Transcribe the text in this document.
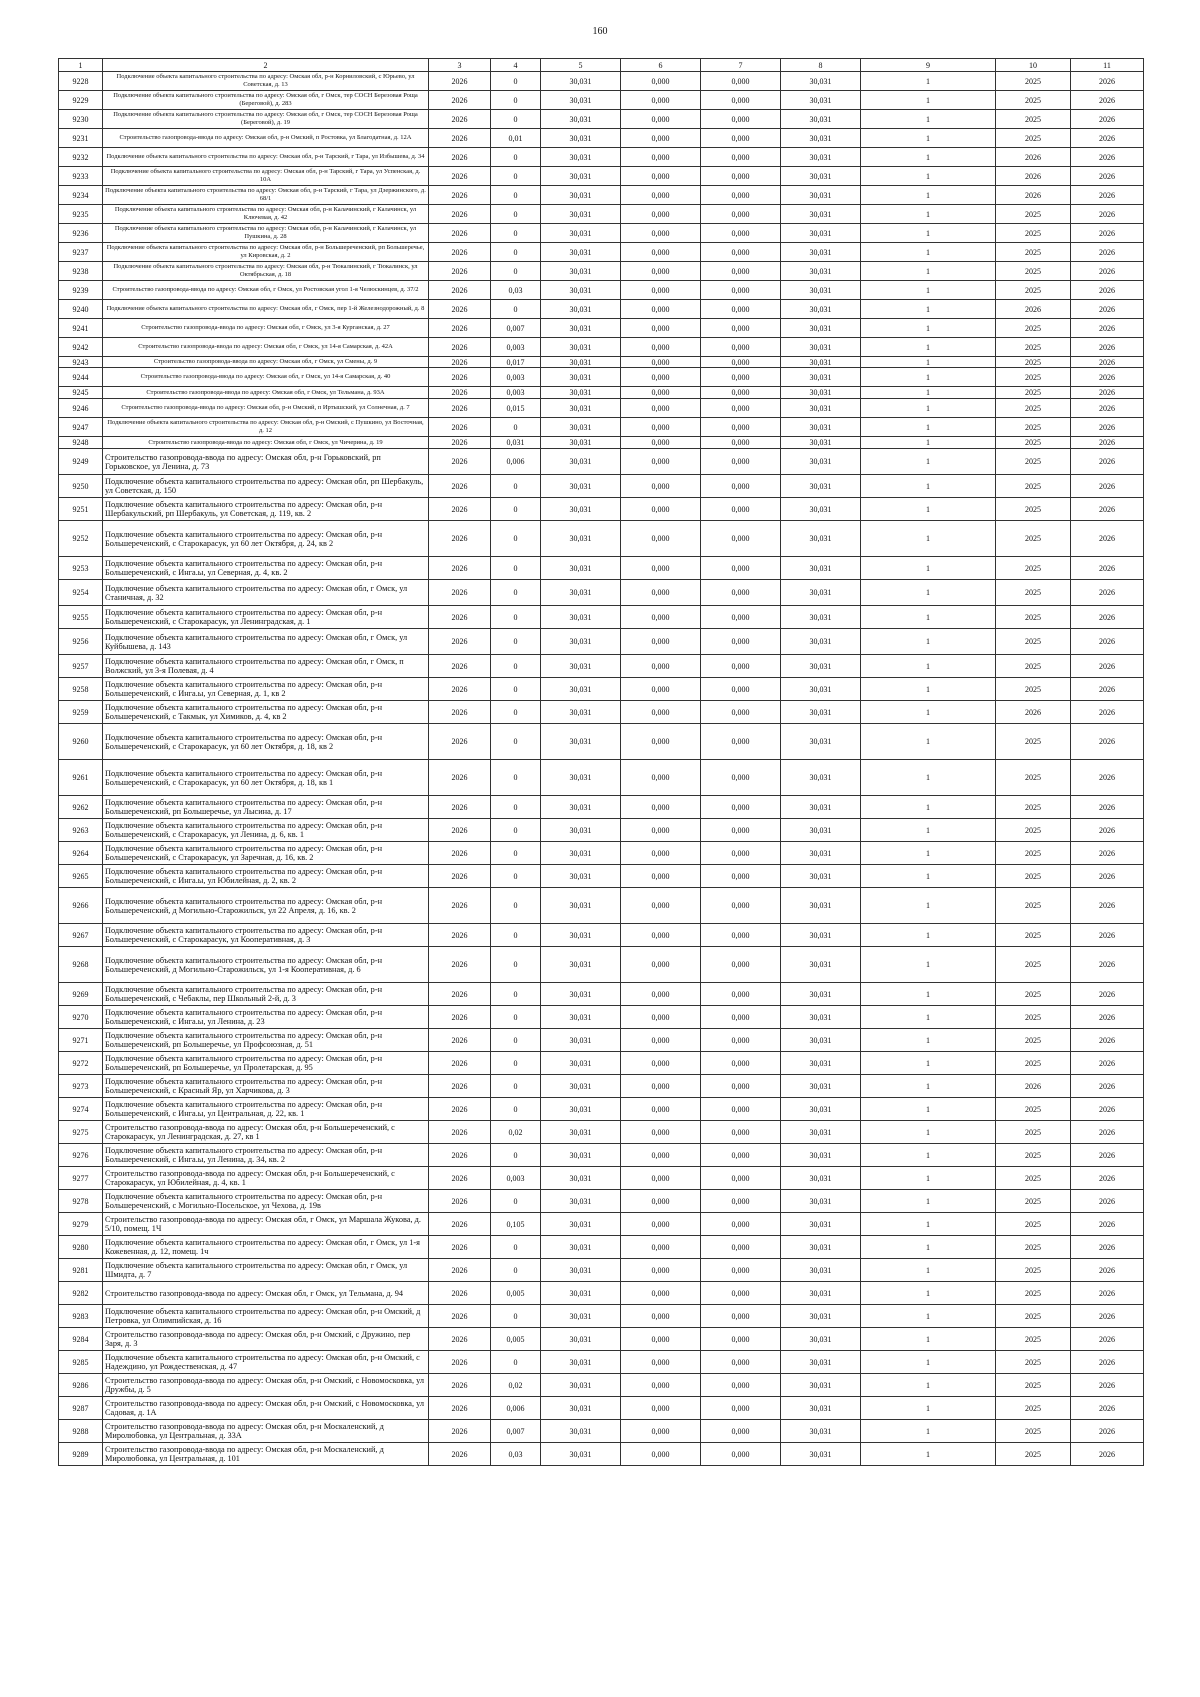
160
1	2	3	4	5	6	7	8	9	10	11
9228	Подключение объекта капитального строительства по адресу: Омская обл, р-н Корниловский, с Юрьево, ул Советская, д. 13	2026	0	30,031	0,000	0,000	30,031	1	2025	2026
9229	Подключение объекта капитального строительства по адресу: Омская обл, г Омск, тер СОСН Березовая Роща (Береговой), д. 283	2026	0	30,031	0,000	0,000	30,031	1	2025	2026
9230	Подключение объекта капитального строительства по адресу: Омская обл, г Омск, тер СОСН Березовая Роща (Береговой), д. 19	2026	0	30,031	0,000	0,000	30,031	1	2025	2026
9231	Строительство газопровода-ввода по адресу: Омская обл, р-н Омский, п Ростовка, ул Благодатная, д. 12А	2026	0,01	30,031	0,000	0,000	30,031	1	2025	2026
9232	Подключение объекта капитального строительства по адресу: Омская обл, р-н Тарский, г Тара, ул Избышева, д. 34	2026	0	30,031	0,000	0,000	30,031	1	2026	2026
9233	Подключение объекта капитального строительства по адресу: Омская обл, р-н Тарский, г Тара, ул Успенская, д. 10А	2026	0	30,031	0,000	0,000	30,031	1	2026	2026
9234	Подключение объекта капитального строительства по адресу: Омская обл, р-н Тарский, г Тара, ул Дзержинского, д. 68/1	2026	0	30,031	0,000	0,000	30,031	1	2026	2026
9235	Подключение объекта капитального строительства по адресу: Омская обл, р-н Калачинский, г Калачинск, ул Ключевая, д. 42	2026	0	30,031	0,000	0,000	30,031	1	2025	2026
9236	Подключение объекта капитального строительства по адресу: Омская обл, р-н Калачинский, г Калачинск, ул Пушкина, д. 28	2026	0	30,031	0,000	0,000	30,031	1	2025	2026
9237	Подключение объекта капитального строительства по адресу: Омская обл, р-н Большереченский, рп Большеречье, ул Кировская, д. 2	2026	0	30,031	0,000	0,000	30,031	1	2025	2026
9238	Подключение объекта капитального строительства по адресу: Омская обл, р-н Тюкалинский, г Тюкалинск, ул Октябрьская, д. 18	2026	0	30,031	0,000	0,000	30,031	1	2025	2026
9239	Строительство газопровода-ввода по адресу: Омская обл, г Омск, ул Ростовская угол 1-я Челюскинцев, д. 37/2	2026	0,03	30,031	0,000	0,000	30,031	1	2025	2026
9240	Подключение объекта капитального строительства по адресу: Омская обл, г Омск, пер 1-й Железнодорожный, д. 8	2026	0	30,031	0,000	0,000	30,031	1	2026	2026
9241	Строительство газопровода-ввода по адресу: Омская обл, г Омск, ул 3-я Курганская, д. 27	2026	0,007	30,031	0,000	0,000	30,031	1	2025	2026
9242	Строительство газопровода-ввода по адресу: Омская обл, г Омск, ул 14-я Самарская, д. 42А	2026	0,003	30,031	0,000	0,000	30,031	1	2025	2026
9243	Строительство газопровода-ввода по адресу: Омская обл, г Омск, ул Смены, д. 9	2026	0,017	30,031	0,000	0,000	30,031	1	2025	2026
9244	Строительство газопровода-ввода по адресу: Омская обл, г Омск, ул 14-я Самарская, д. 40	2026	0,003	30,031	0,000	0,000	30,031	1	2025	2026
9245	Строительство газопровода-ввода по адресу: Омская обл, г Омск, ул Тельмана, д. 93А	2026	0,003	30,031	0,000	0,000	30,031	1	2025	2026
9246	Строительство газопровода-ввода по адресу: Омская обл, р-н Омский, п Иртышский, ул Солнечная, д. 7	2026	0,015	30,031	0,000	0,000	30,031	1	2025	2026
9247	Подключение объекта капитального строительства по адресу: Омская обл, р-н Омский, с Пушкино, ул Восточная, д. 12	2026	0	30,031	0,000	0,000	30,031	1	2025	2026
9248	Строительство газопровода-ввода по адресу: Омская обл, г Омск, ул Чичерина, д. 19	2026	0,031	30,031	0,000	0,000	30,031	1	2025	2026
9249	Строительство газопровода-ввода по адресу: Омская обл, р-н Горьковский, рп Горьковское, ул Ленина, д. 73	2026	0,006	30,031	0,000	0,000	30,031	1	2025	2026
9250	Подключение объекта капитального строительства по адресу: Омская обл, рп Шербакуль, ул Советская, д. 150	2026	0	30,031	0,000	0,000	30,031	1	2025	2026
9251	Подключение объекта капитального строительства по адресу: Омская обл, р-н Шербакульский, рп Шербакуль, ул Советская, д. 119, кв. 2	2026	0	30,031	0,000	0,000	30,031	1	2025	2026
9252	Подключение объекта капитального строительства по адресу: Омская обл, р-н Большереченский, с Старокарасук, ул 60 лет Октября, д. 24, кв 2	2026	0	30,031	0,000	0,000	30,031	1	2025	2026
9253	Подключение объекта капитального строительства по адресу: Омская обл, р-н Большереченский, с Инга.ы, ул Северная, д. 4, кв. 2	2026	0	30,031	0,000	0,000	30,031	1	2025	2026
9254	Подключение объекта капитального строительства по адресу: Омская обл, г Омск, ул Станичная, д. 32	2026	0	30,031	0,000	0,000	30,031	1	2025	2026
9255	Подключение объекта капитального строительства по адресу: Омская обл, р-н Большереченский, с Старокарасук, ул Ленинградская, д. 1	2026	0	30,031	0,000	0,000	30,031	1	2025	2026
9256	Подключение объекта капитального строительства по адресу: Омская обл, г Омск, ул Куйбышева, д. 143	2026	0	30,031	0,000	0,000	30,031	1	2025	2026
9257	Подключение объекта капитального строительства по адресу: Омская обл, г Омск, п Волжский, ул 3-я Полевая, д. 4	2026	0	30,031	0,000	0,000	30,031	1	2025	2026
9258	Подключение объекта капитального строительства по адресу: Омская обл, р-н Большереченский, с Инга.ы, ул Северная, д. 1, кв 2	2026	0	30,031	0,000	0,000	30,031	1	2025	2026
9259	Подключение объекта капитального строительства по адресу: Омская обл, р-н Большереченский, с Такмык, ул Химиков, д. 4, кв 2	2026	0	30,031	0,000	0,000	30,031	1	2026	2026
9260	Подключение объекта капитального строительства по адресу: Омская обл, р-н Большереченский, с Старокарасук, ул 60 лет Октября, д. 18, кв 2	2026	0	30,031	0,000	0,000	30,031	1	2025	2026
9261	Подключение объекта капитального строительства по адресу: Омская обл, р-н Большереченский, с Старокарасук, ул 60 лет Октября, д. 18, кв 1	2026	0	30,031	0,000	0,000	30,031	1	2025	2026
9262	Подключение объекта капитального строительства по адресу: Омская обл, р-н Большереченский, рп Большеречье, ул Лысина, д. 17	2026	0	30,031	0,000	0,000	30,031	1	2025	2026
9263	Подключение объекта капитального строительства по адресу: Омская обл, р-н Большереченский, с Старокарасук, ул Ленина, д. 6, кв. 1	2026	0	30,031	0,000	0,000	30,031	1	2025	2026
9264	Подключение объекта капитального строительства по адресу: Омская обл, р-н Большереченский, с Старокарасук, ул Заречная, д. 16, кв. 2	2026	0	30,031	0,000	0,000	30,031	1	2025	2026
9265	Подключение объекта капитального строительства по адресу: Омская обл, р-н Большереченский, с Инга.ы, ул Юбилейная, д. 2, кв. 2	2026	0	30,031	0,000	0,000	30,031	1	2025	2026
9266	Подключение объекта капитального строительства по адресу: Омская обл, р-н Большереченский, д Могильно-Старожильск, ул 22 Апреля, д. 16, кв. 2	2026	0	30,031	0,000	0,000	30,031	1	2025	2026
9267	Подключение объекта капитального строительства по адресу: Омская обл, р-н Большереченский, с Старокарасук, ул Кооперативная, д. 3	2026	0	30,031	0,000	0,000	30,031	1	2025	2026
9268	Подключение объекта капитального строительства по адресу: Омская обл, р-н Большереченский, д Могильно-Старожильск, ул 1-я Кооперативная, д. 6	2026	0	30,031	0,000	0,000	30,031	1	2025	2026
9269	Подключение объекта капитального строительства по адресу: Омская обл, р-н Большереченский, с Чебаклы, пер Школьный 2-й, д. 3	2026	0	30,031	0,000	0,000	30,031	1	2025	2026
9270	Подключение объекта капитального строительства по адресу: Омская обл, р-н Большереченский, с Инга.ы, ул Ленина, д. 23	2026	0	30,031	0,000	0,000	30,031	1	2025	2026
9271	Подключение объекта капитального строительства по адресу: Омская обл, р-н Большереченский, рп Большеречье, ул Профсоюзная, д. 51	2026	0	30,031	0,000	0,000	30,031	1	2025	2026
9272	Подключение объекта капитального строительства по адресу: Омская обл, р-н Большереченский, рп Большеречье, ул Пролетарская, д. 95	2026	0	30,031	0,000	0,000	30,031	1	2025	2026
9273	Подключение объекта капитального строительства по адресу: Омская обл, р-н Большереченский, с Красный Яр, ул Харчикова, д. 3	2026	0	30,031	0,000	0,000	30,031	1	2026	2026
9274	Подключение объекта капитального строительства по адресу: Омская обл, р-н Большереченский, с Инга.ы, ул Центральная, д. 22, кв. 1	2026	0	30,031	0,000	0,000	30,031	1	2025	2026
9275	Строительство газопровода-ввода по адресу: Омская обл, р-н Большереченский, с Старокарасук, ул Ленинградская, д. 27, кв 1	2026	0,02	30,031	0,000	0,000	30,031	1	2025	2026
9276	Подключение объекта капитального строительства по адресу: Омская обл, р-н Большереченский, с Инга.ы, ул Ленина, д. 34, кв. 2	2026	0	30,031	0,000	0,000	30,031	1	2025	2026
9277	Строительство газопровода-ввода по адресу: Омская обл, р-н Большереченский, с Старокарасук, ул Юбилейная, д. 4, кв. 1	2026	0,003	30,031	0,000	0,000	30,031	1	2025	2026
9278	Подключение объекта капитального строительства по адресу: Омская обл, р-н Большереченский, с Могильно-Посельское, ул Чехова, д. 19в	2026	0	30,031	0,000	0,000	30,031	1	2025	2026
9279	Строительство газопровода-ввода по адресу: Омская обл, г Омск, ул Маршала Жукова, д. 5/10, помещ. 1Ч	2026	0,105	30,031	0,000	0,000	30,031	1	2025	2026
9280	Подключение объекта капитального строительства по адресу: Омская обл, г Омск, ул 1-я Кожевенная, д. 12, помещ. 1ч	2026	0	30,031	0,000	0,000	30,031	1	2025	2026
9281	Подключение объекта капитального строительства по адресу: Омская обл, г Омск, ул Шмидта, д. 7	2026	0	30,031	0,000	0,000	30,031	1	2025	2026
9282	Строительство газопровода-ввода по адресу: Омская обл, г Омск, ул Тельмана, д. 94	2026	0,005	30,031	0,000	0,000	30,031	1	2025	2026
9283	Подключение объекта капитального строительства по адресу: Омская обл, р-н Омский, д Петровка, ул Олимпийская, д. 16	2026	0	30,031	0,000	0,000	30,031	1	2025	2026
9284	Строительство газопровода-ввода по адресу: Омская обл, р-н Омский, с Дружино, пер Заря, д. 3	2026	0,005	30,031	0,000	0,000	30,031	1	2025	2026
9285	Подключение объекта капитального строительства по адресу: Омская обл, р-н Омский, с Надеждино, ул Рождественская, д. 47	2026	0	30,031	0,000	0,000	30,031	1	2025	2026
9286	Строительство газопровода-ввода по адресу: Омская обл, р-н Омский, с Новомосковка, ул Дружбы, д. 5	2026	0,02	30,031	0,000	0,000	30,031	1	2025	2026
9287	Строительство газопровода-ввода по адресу: Омская обл, р-н Омский, с Новомосковка, ул Садовая, д. 1А	2026	0,006	30,031	0,000	0,000	30,031	1	2025	2026
9288	Строительство газопровода-ввода по адресу: Омская обл, р-н Москаленский, д Миролюбовка, ул Центральная, д. 33А	2026	0,007	30,031	0,000	0,000	30,031	1	2025	2026
9289	Строительство газопровода-ввода по адресу: Омская обл, р-н Москаленский, д Миролюбовка, ул Центральная, д. 101	2026	0,03	30,031	0,000	0,000	30,031	1	2025	2026
